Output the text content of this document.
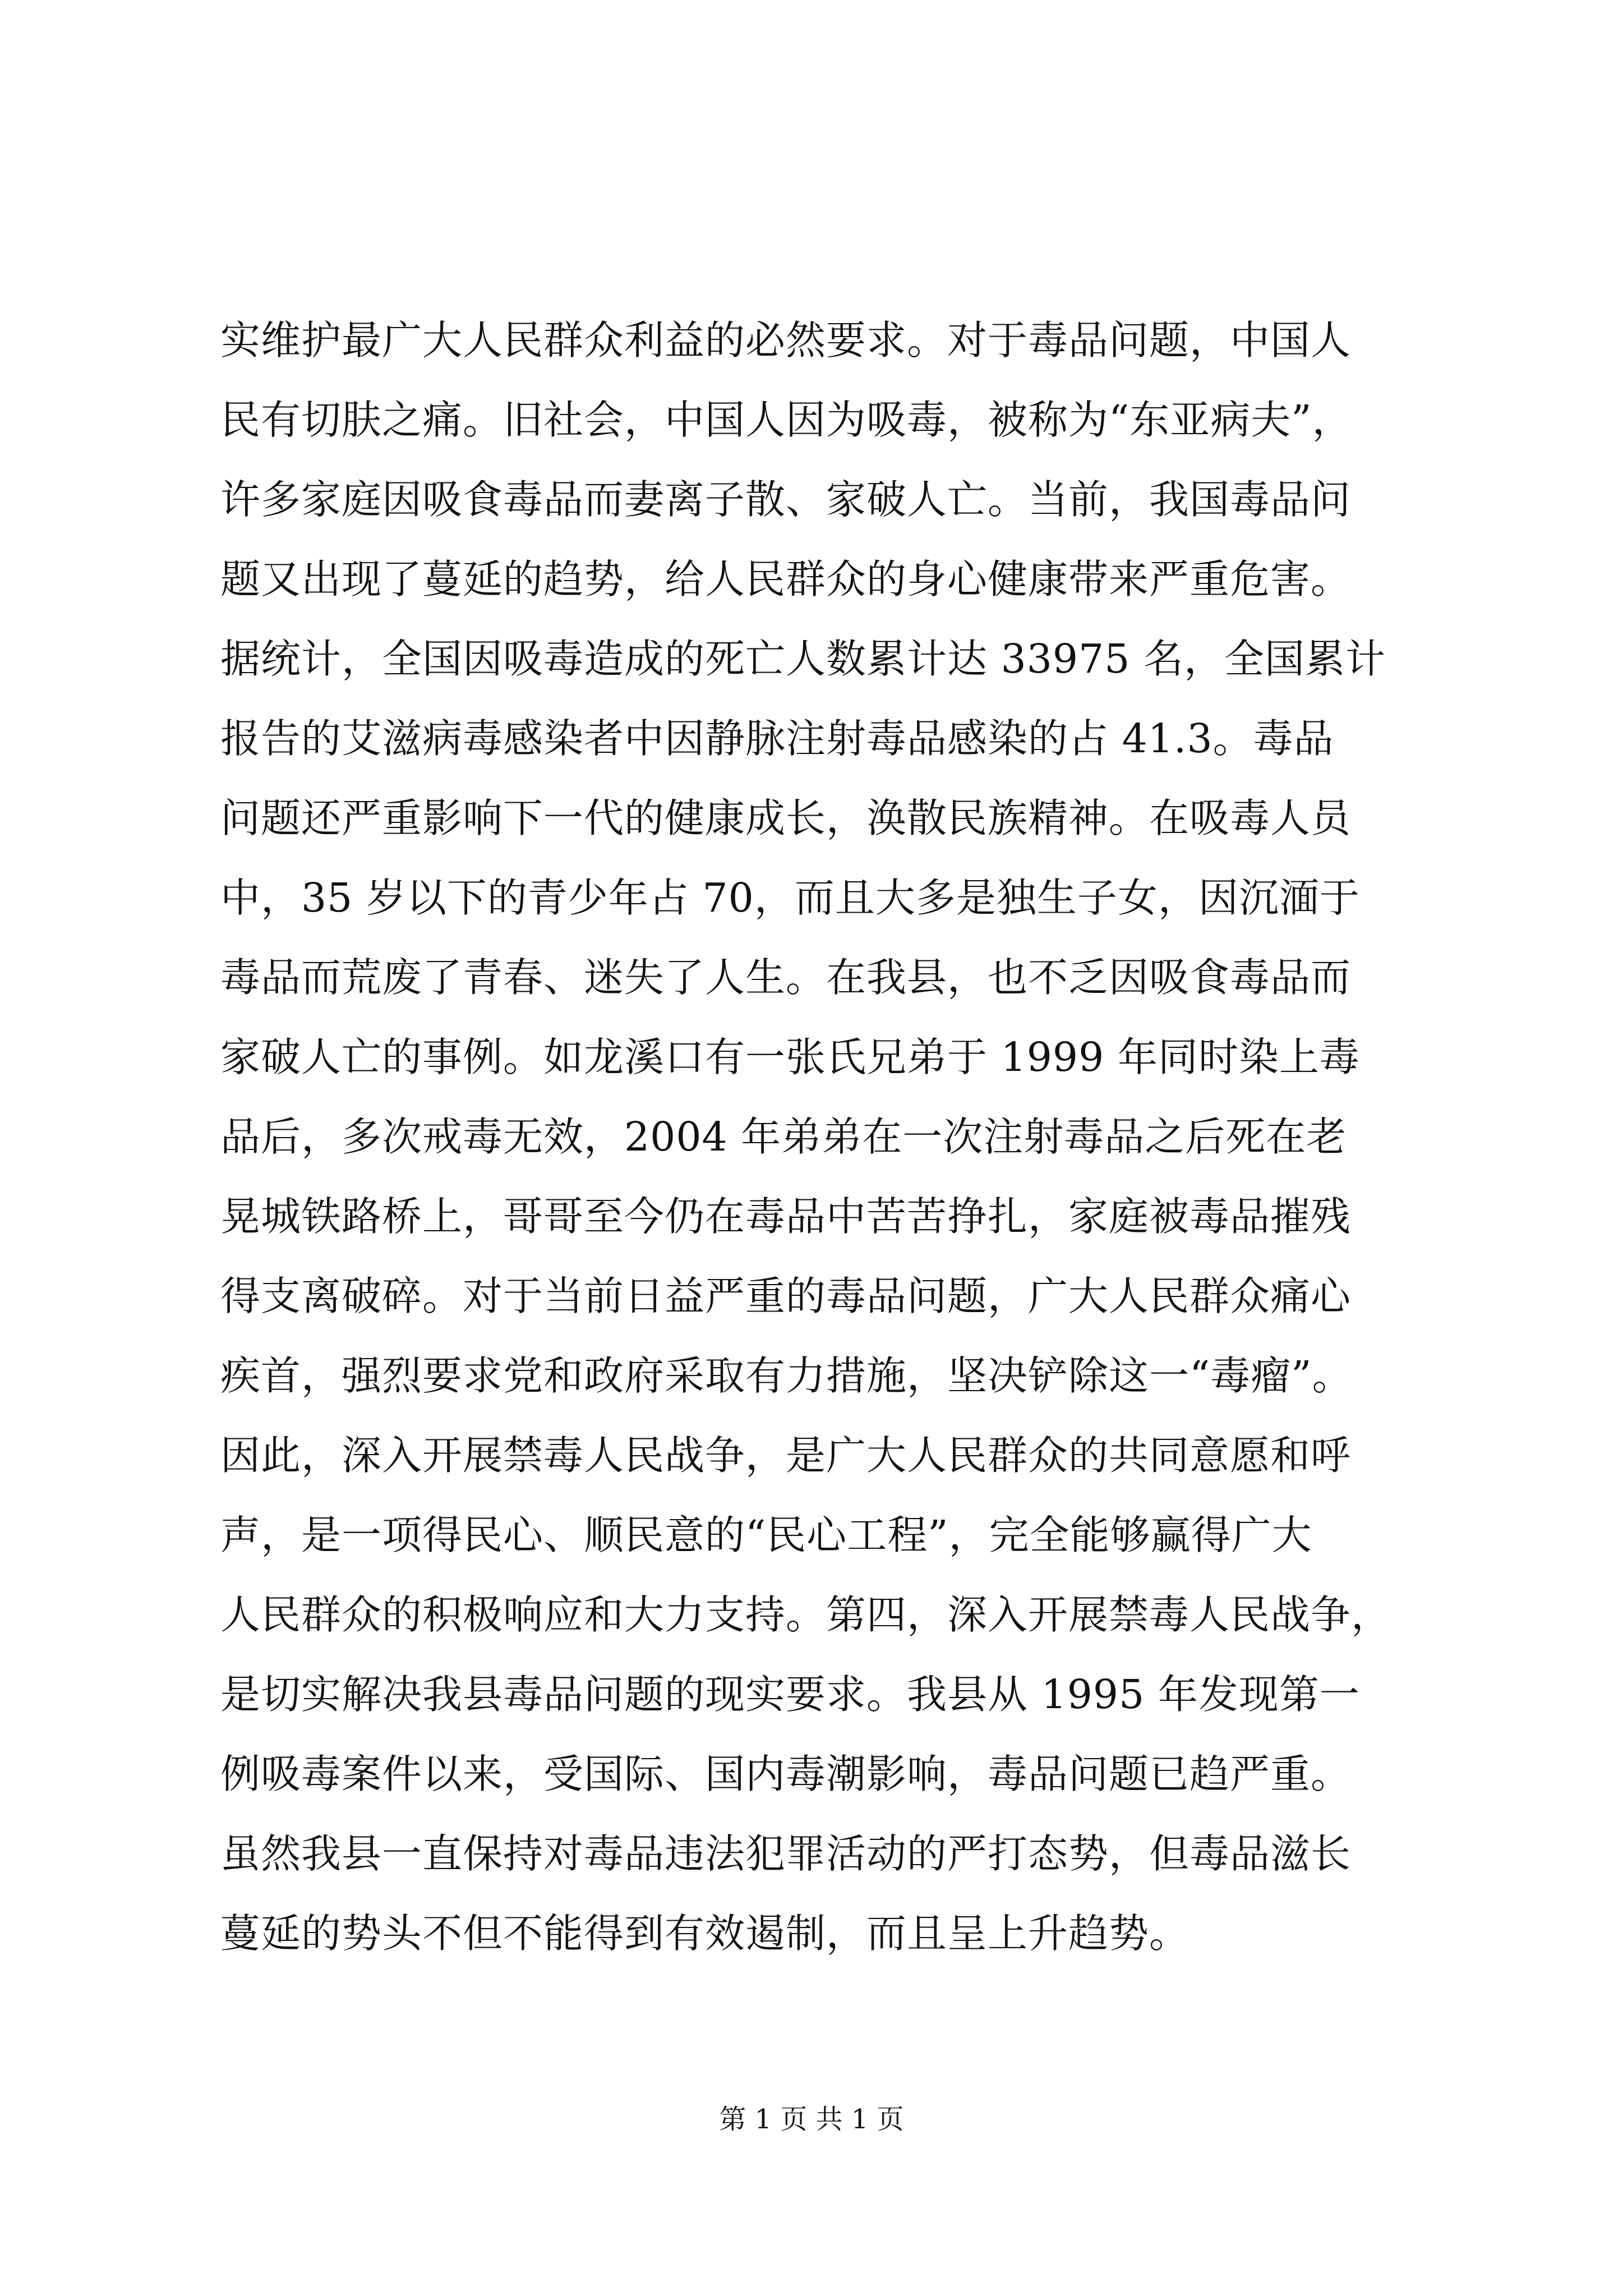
实维护最广大人民群众利益的必然要求。对于毒品问题，中国人
民有切肤之痛。旧社会，中国人因为吸毒，被称为“东亚病夫”，
许多家庭因吸食毒品而妻离子散、家破人亡。当前，我国毒品问
题又出现了蔓延的趋势，给人民群众的身心健康带来严重危害。
据统计，全国因吸毒造成的死亡人数累计达 33975 名，全国累计
报告的艾滋病毒感染者中因静脉注射毒品感染的占 41.3。毒品
问题还严重影响下一代的健康成长，涣散民族精神。在吸毒人员
中，35 岁以下的青少年占 70，而且大多是独生子女，因沉湎于
毒品而荒废了青春、迷失了人生。在我县，也不乏因吸食毒品而
家破人亡的事例。如龙溪口有一张氏兄弟于 1999 年同时染上毒
品后，多次戒毒无效，2004 年弟弟在一次注射毒品之后死在老
晃城铁路桥上，哥哥至今仍在毒品中苦苦挣扎，家庭被毒品摧残
得支离破碎。对于当前日益严重的毒品问题，广大人民群众痛心
疾首，强烈要求党和政府采取有力措施，坚决铲除这一“毒瘤”。
因此，深入开展禁毒人民战争，是广大人民群众的共同意愿和呼
声，是一项得民心、顺民意的“民心工程”，完全能够赢得广大
人民群众的积极响应和大力支持。第四，深入开展禁毒人民战争，
是切实解决我县毒品问题的现实要求。我县从 1995 年发现第一
例吸毒案件以来，受国际、国内毒潮影响，毒品问题已趋严重。
虽然我县一直保持对毒品违法犯罪活动的严打态势，但毒品滋长
蔓延的势头不但不能得到有效遏制，而且呈上升趋势。
第 1 页 共 1 页
